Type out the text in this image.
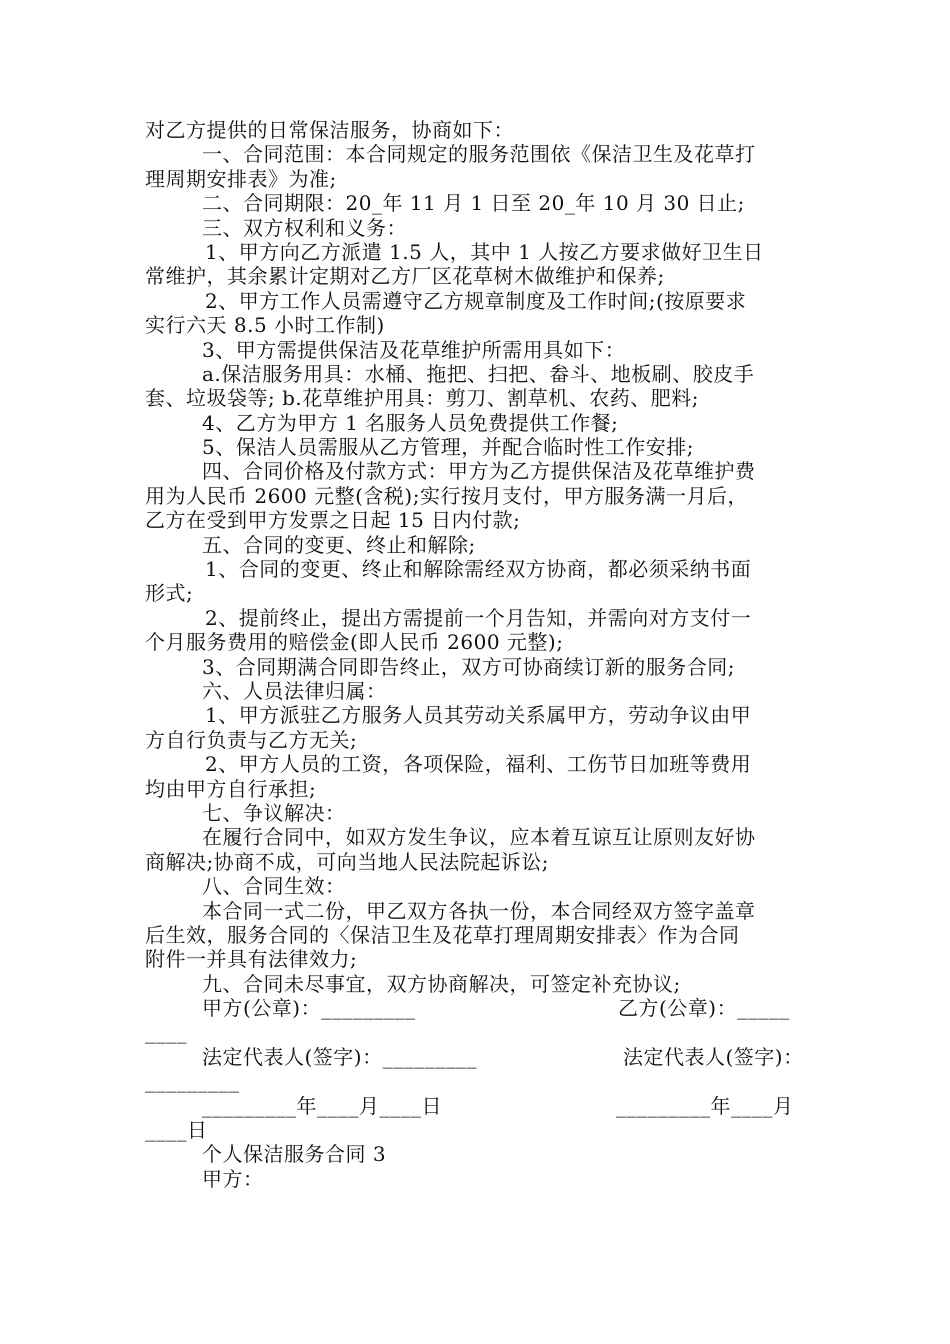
对乙方提供的日常保洁服务，协商如下：
一、合同范围：本合同规定的服务范围依《保洁卫生及花草打
理周期安排表》为准;
二、合同期限：20_年 11 月 1 日至 20_年 10 月 30 日止;
三、双方权利和义务：
1、甲方向乙方派遣 1.5 人，其中 1 人按乙方要求做好卫生日
常维护，其余累计定期对乙方厂区花草树木做维护和保养;
2、甲方工作人员需遵守乙方规章制度及工作时间;(按原要求
实行六天 8.5 小时工作制)
3、甲方需提供保洁及花草维护所需用具如下：
a.保洁服务用具：水桶、拖把、扫把、畚斗、地板刷、胶皮手
套、垃圾袋等; b.花草维护用具：剪刀、割草机、农药、肥料;
4、乙方为甲方 1 名服务人员免费提供工作餐;
5、保洁人员需服从乙方管理，并配合临时性工作安排;
四、合同价格及付款方式：甲方为乙方提供保洁及花草维护费
用为人民币 2600 元整(含税);实行按月支付，甲方服务满一月后，
乙方在受到甲方发票之日起 15 日内付款;
五、合同的变更、终止和解除;
1、合同的变更、终止和解除需经双方协商，都必须采纳书面
形式;
2、提前终止，提出方需提前一个月告知，并需向对方支付一
个月服务费用的赔偿金(即人民币 2600 元整);
3、合同期满合同即告终止，双方可协商续订新的服务合同;
六、人员法律归属：
1、甲方派驻乙方服务人员其劳动关系属甲方，劳动争议由甲
方自行负责与乙方无关;
2、甲方人员的工资，各项保险，福利、工伤节日加班等费用
均由甲方自行承担;
七、争议解决：
在履行合同中，如双方发生争议，应本着互谅互让原则友好协
商解决;协商不成，可向当地人民法院起诉讼;
八、合同生效：
本合同一式二份，甲乙双方各执一份，本合同经双方签字盖章
后生效，服务合同的〈保洁卫生及花草打理周期安排表〉作为合同
附件一并具有法律效力;
九、合同未尽事宜，双方协商解决，可签定补充协议;
甲方(公章)：_________	乙方(公章)：_____
____
法定代表人(签字)：_________	法定代表人(签字)：
_________
_________年____月____日	_________年____月
____日
个人保洁服务合同 3
甲方：
